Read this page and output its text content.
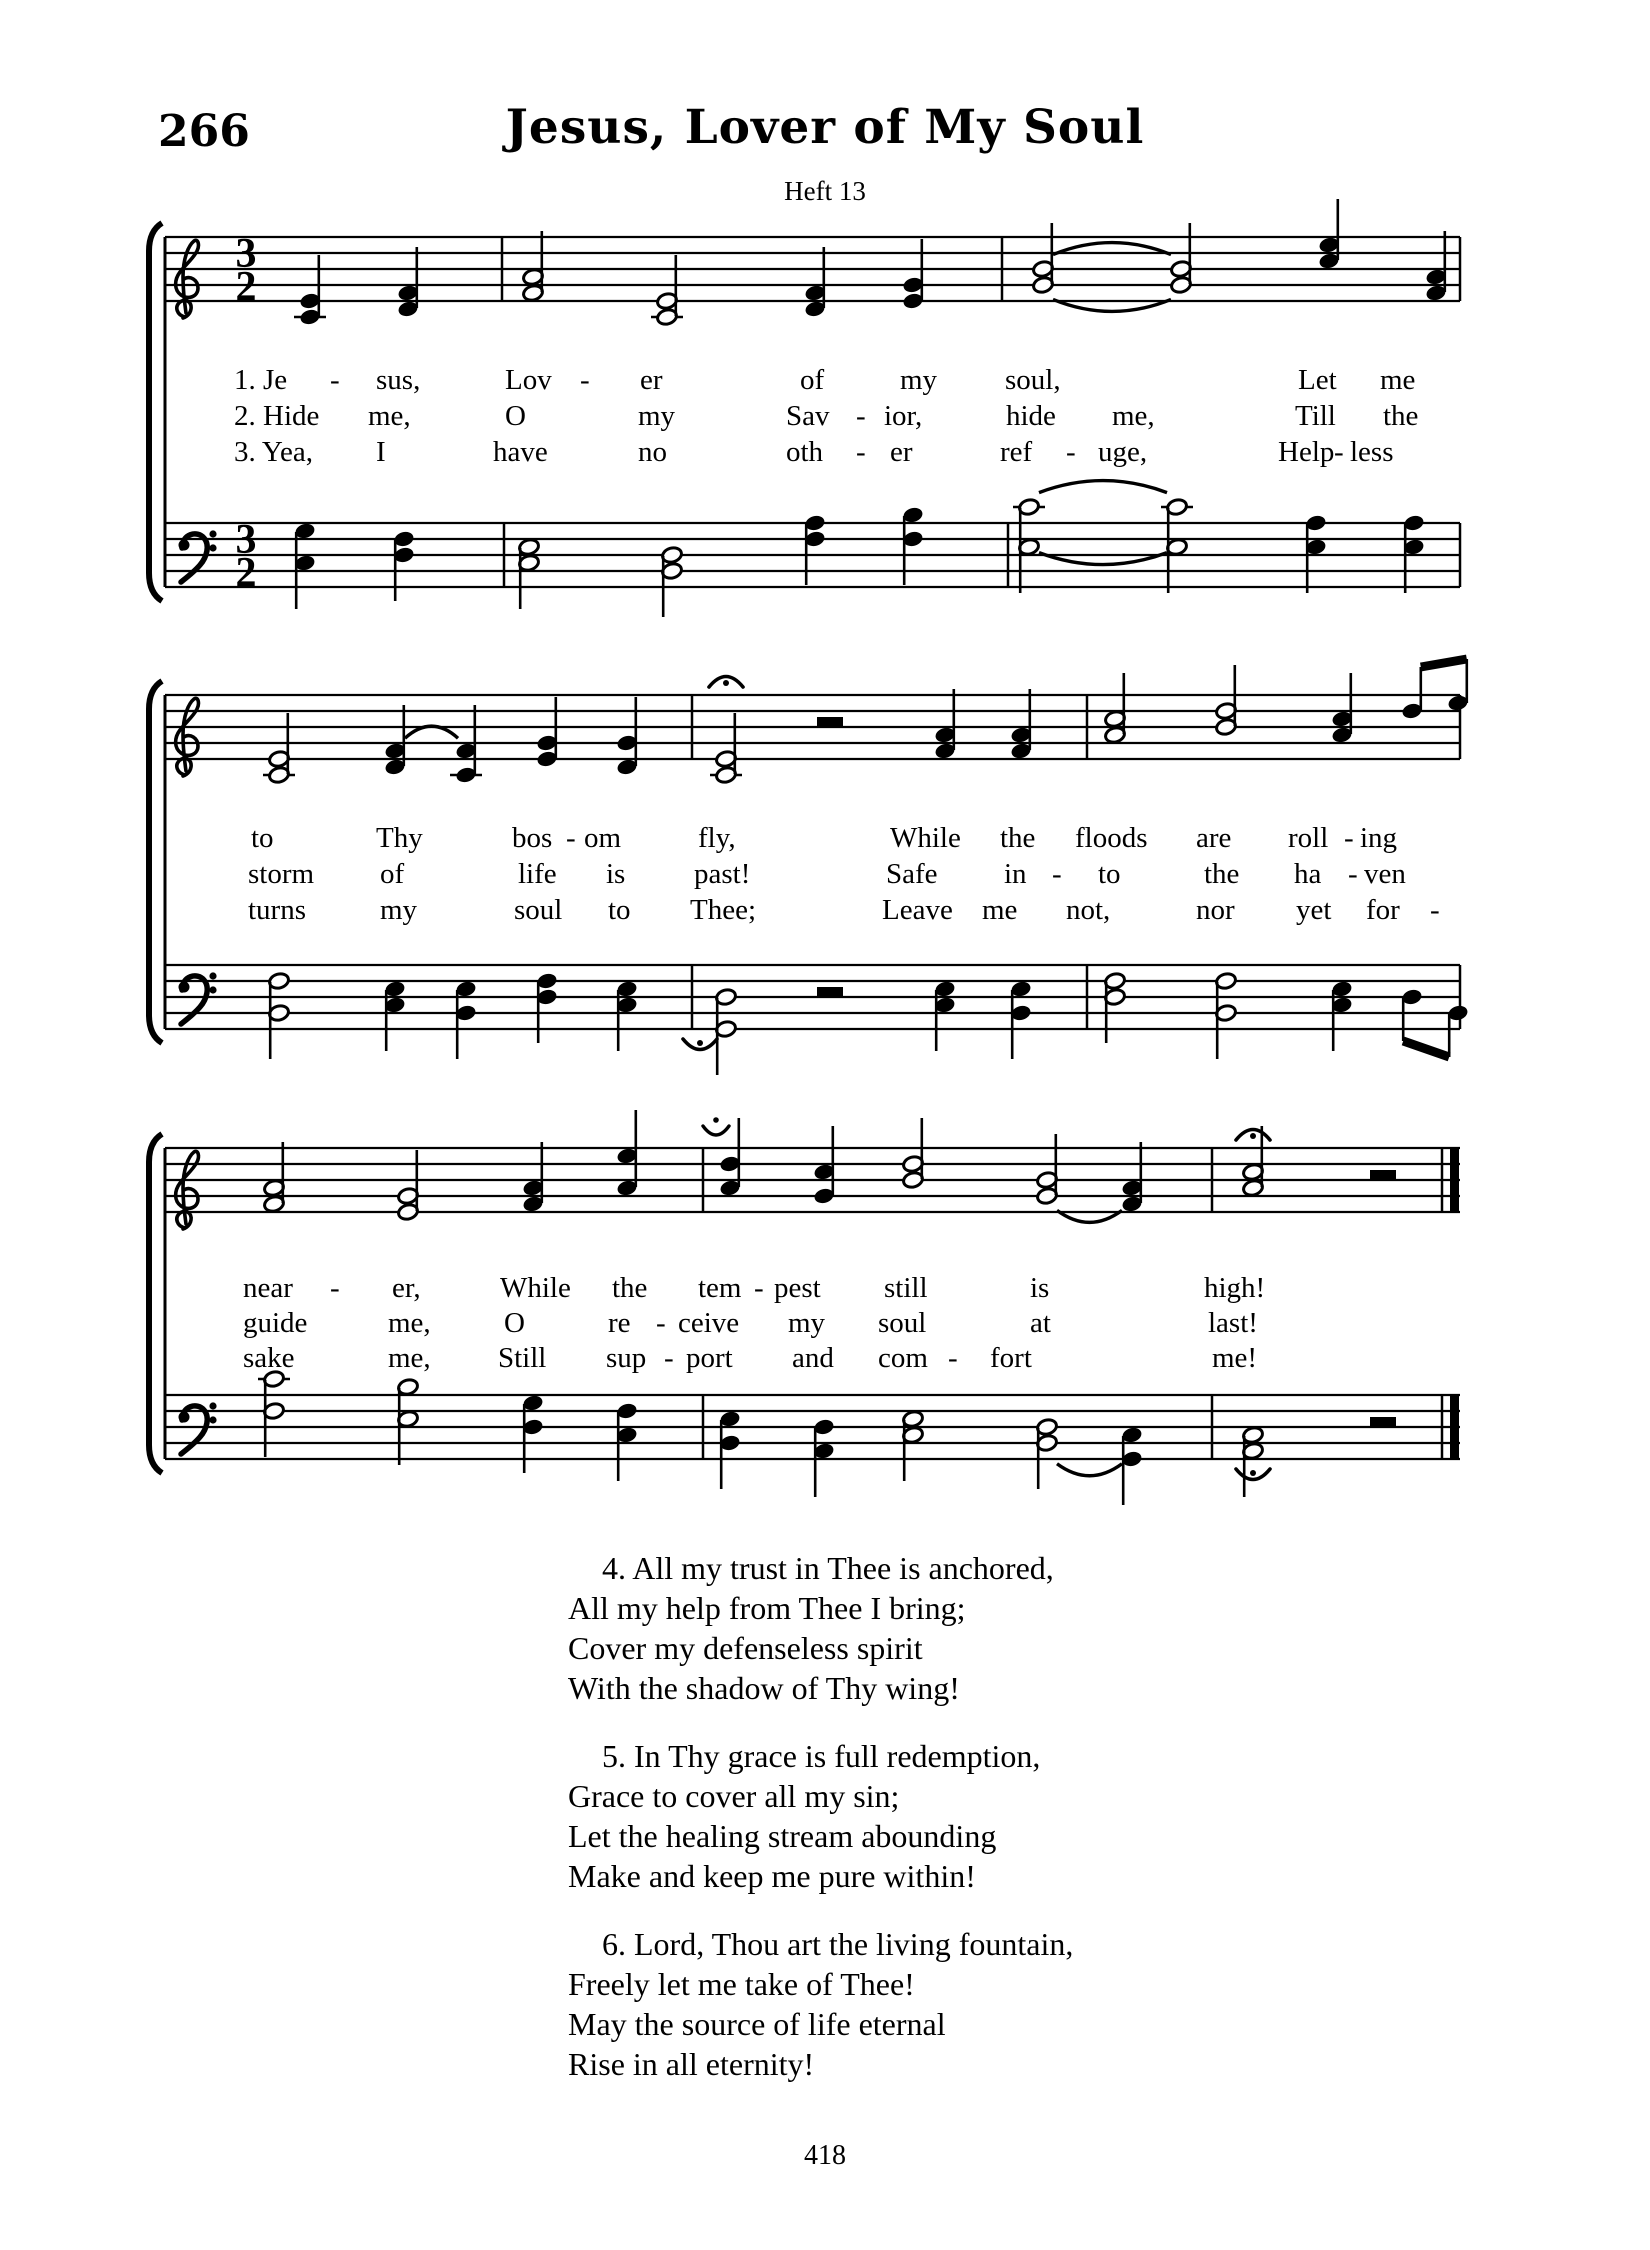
266	Jesus, Lover of My Soul
Heft 13
3
2
3
2
1. Je - sus,	Lov - er	of	my soul,	Let me
2. Hide me,	O	my	Sav - ior,	hide me,	Till the
3. Yea, I	have	no	oth - er	ref - uge,	Help - less
to	Thy	bos - om	fly,	While the floods are roll - ing
storm of	life is past!	Safe in - to	the ha - ven
turns	my	soul to Thee;	Leave me not,	nor yet for -
near - er,	While the tem - pest still	is	high!
guide	me,	O	re - ceive my soul	at	last!
sake	me, Still sup - port and com - fort	me!
4. All my trust in Thee is anchored,
All my help from Thee I bring;
Cover my defenseless spirit
With the shadow of Thy wing!
5. In Thy grace is full redemption,
Grace to cover all my sin;
Let the healing stream abounding
Make and keep me pure within!
6. Lord, Thou art the living fountain,
Freely let me take of Thee!
May the source of life eternal
Rise in all eternity!
418
